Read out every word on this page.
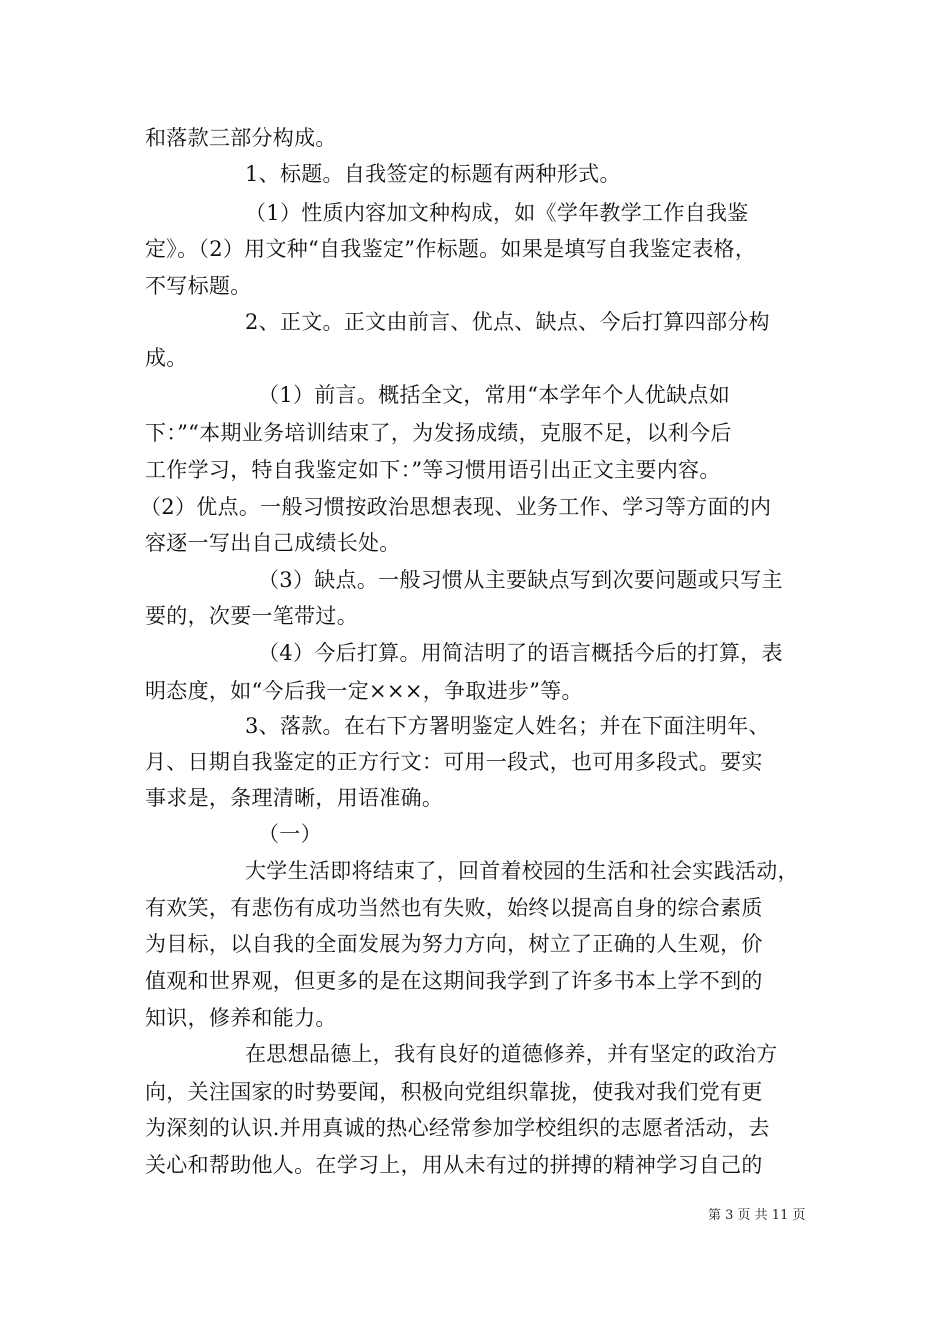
和落款三部分构成。
1、标题。自我签定的标题有两种形式。
（1）性质内容加文种构成，如《学年教学工作自我鉴
定》。（2）用文种“自我鉴定”作标题。如果是填写自我鉴定表格，
不写标题。
2、正文。正文由前言、优点、缺点、今后打算四部分构
成。
（1）前言。概括全文，常用“本学年个人优缺点如
下：”“本期业务培训结束了，为发扬成绩，克服不足，以利今后
工作学习，特自我鉴定如下：”等习惯用语引出正文主要内容。
（2）优点。一般习惯按政治思想表现、业务工作、学习等方面的内
容逐一写出自己成绩长处。
（3）缺点。一般习惯从主要缺点写到次要问题或只写主
要的，次要一笔带过。
（4）今后打算。用简洁明了的语言概括今后的打算，表
明态度，如“今后我一定×××，争取进步”等。
3、落款。在右下方署明鉴定人姓名；并在下面注明年、
月、日期自我鉴定的正方行文：可用一段式，也可用多段式。要实
事求是，条理清晰，用语准确。
（一）
大学生活即将结束了，回首着校园的生活和社会实践活动，
有欢笑，有悲伤有成功当然也有失败，始终以提高自身的综合素质
为目标，以自我的全面发展为努力方向，树立了正确的人生观，价
值观和世界观，但更多的是在这期间我学到了许多书本上学不到的
知识，修养和能力。
在思想品德上，我有良好的道德修养，并有坚定的政治方
向，关注国家的时势要闻，积极向党组织靠拢，使我对我们党有更
为深刻的认识.并用真诚的热心经常参加学校组织的志愿者活动，去
关心和帮助他人。在学习上，用从未有过的拼搏的精神学习自己的
第 3 页 共 11 页
